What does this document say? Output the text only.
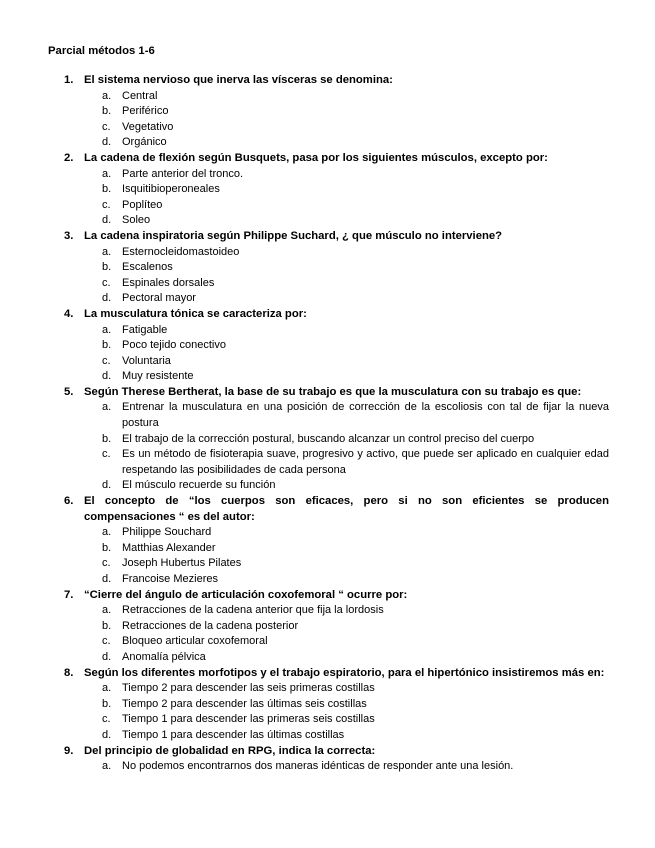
Parcial métodos 1-6
1. El sistema nervioso que inerva las vísceras se denomina:

a. Central
b. Periférico
c. Vegetativo
d. Orgánico
2. La cadena de flexión según Busquets, pasa por los siguientes músculos, excepto por:

a. Parte anterior del tronco.
b. Isquitibioperoneales
c. Poplíteo
d. Soleo
3. La cadena inspiratoria según Philippe Suchard, ¿ que músculo no interviene?

a. Esternocleidomastoideo
b. Escalenos
c. Espinales dorsales
d. Pectoral mayor
4. La musculatura tónica se caracteriza por:

a. Fatigable
b. Poco tejido conectivo
c. Voluntaria
d. Muy resistente
5. Según Therese Bertherat, la base de su trabajo es que la musculatura con su trabajo es que:

a. Entrenar la musculatura en una posición de corrección de la escoliosis con tal de fijar la nueva postura
b. El trabajo de la corrección postural, buscando alcanzar un control preciso del cuerpo
c. Es un método de fisioterapia suave, progresivo y activo, que puede ser aplicado en cualquier edad respetando las posibilidades de cada persona
d. El músculo recuerde su función
6. El concepto de “los cuerpos son eficaces, pero si no son eficientes se producen compensaciones “ es del autor:

a. Philippe Souchard
b. Matthias Alexander
c. Joseph Hubertus Pilates
d. Francoise Mezieres
7. “Cierre del ángulo de articulación coxofemoral “ ocurre por:

a. Retracciones de la cadena anterior que fija la lordosis
b. Retracciones de la cadena posterior
c. Bloqueo articular coxofemoral
d. Anomalía pélvica
8. Según los diferentes morfotipos y el trabajo espiratorio, para el hipertónico insistiremos más en:

a. Tiempo 2 para descender las seis primeras costillas
b. Tiempo 2 para descender las últimas seis costillas
c. Tiempo 1 para descender las primeras seis costillas
d. Tiempo 1 para descender las últimas costillas
9. Del principio de globalidad en RPG, indica la correcta:

a. No podemos encontrarnos dos maneras idénticas de responder ante una lesión.
